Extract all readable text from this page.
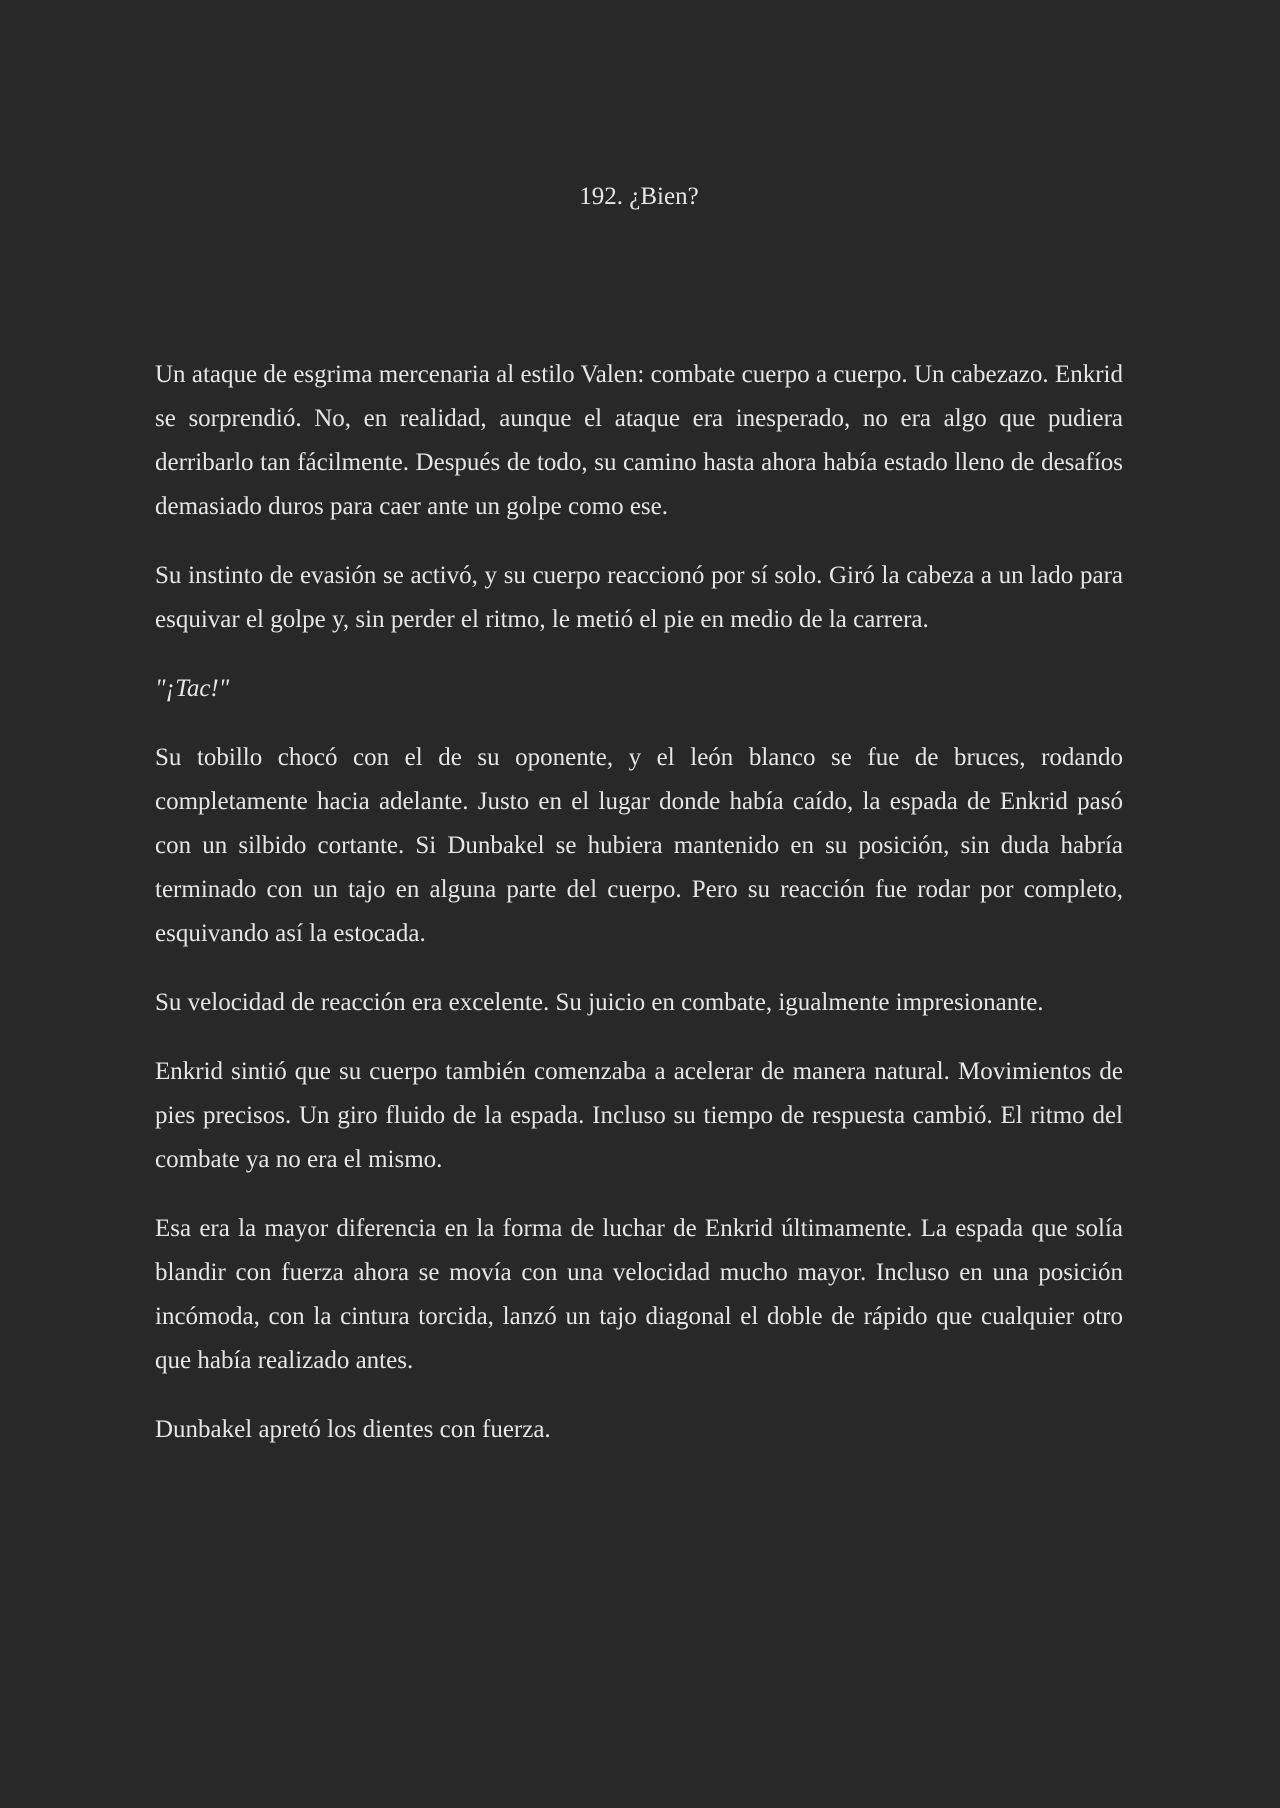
192. ¿Bien?

Un ataque de esgrima mercenaria al estilo Valen: combate cuerpo a cuerpo. Un cabezazo. Enkrid se sorprendió. No, en realidad, aunque el ataque era inesperado, no era algo que pudiera derribarlo tan fácilmente. Después de todo, su camino hasta ahora había estado lleno de desafíos demasiado duros para caer ante un golpe como ese.

Su instinto de evasión se activó, y su cuerpo reaccionó por sí solo. Giró la cabeza a un lado para esquivar el golpe y, sin perder el ritmo, le metió el pie en medio de la carrera.

"¡Tac!"

Su tobillo chocó con el de su oponente, y el león blanco se fue de bruces, rodando completamente hacia adelante. Justo en el lugar donde había caído, la espada de Enkrid pasó con un silbido cortante. Si Dunbakel se hubiera mantenido en su posición, sin duda habría terminado con un tajo en alguna parte del cuerpo. Pero su reacción fue rodar por completo, esquivando así la estocada.

Su velocidad de reacción era excelente. Su juicio en combate, igualmente impresionante.

Enkrid sintió que su cuerpo también comenzaba a acelerar de manera natural. Movimientos de pies precisos. Un giro fluido de la espada. Incluso su tiempo de respuesta cambió. El ritmo del combate ya no era el mismo.

Esa era la mayor diferencia en la forma de luchar de Enkrid últimamente. La espada que solía blandir con fuerza ahora se movía con una velocidad mucho mayor. Incluso en una posición incómoda, con la cintura torcida, lanzó un tajo diagonal el doble de rápido que cualquier otro que había realizado antes.

Dunbakel apretó los dientes con fuerza.
